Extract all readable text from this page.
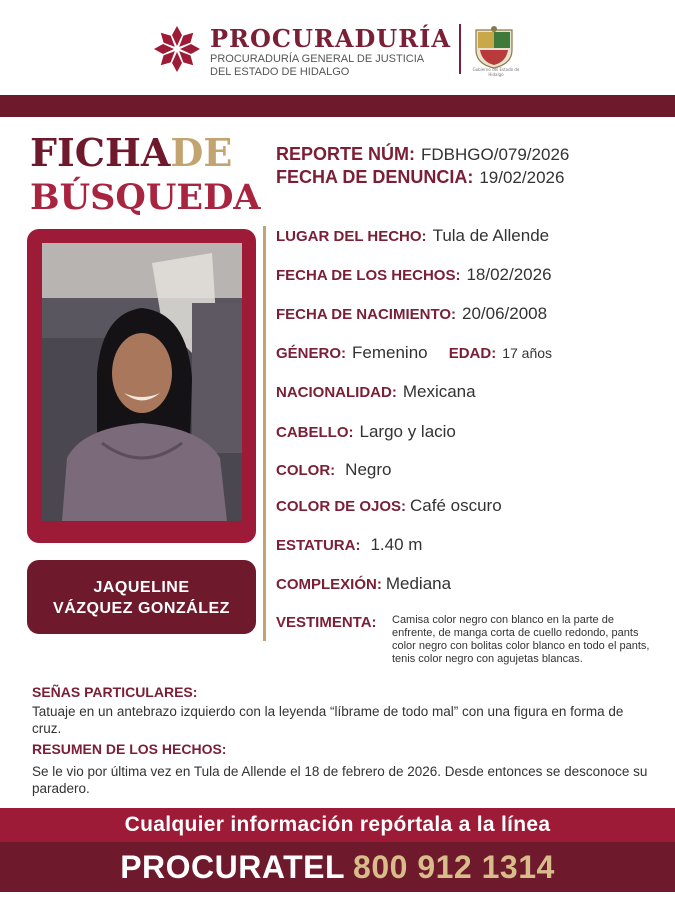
PROCURADURÍA
PROCURADURÍA GENERAL DE JUSTICIA
DEL ESTADO DE HIDALGO	Gobierno del Estado de Hidalgo
FICHADE
BÚSQUEDA
JAQUELINE
VÁZQUEZ GONZÁLEZ
REPORTE NÚM: FDBHGO/079/2026
FECHA DE DENUNCIA: 19/02/2026
LUGAR DEL HECHO: Tula de Allende
FECHA DE LOS HECHOS: 18/02/2026
FECHA DE NACIMIENTO: 20/06/2008
GÉNERO: Femenino EDAD: 17 años
NACIONALIDAD: Mexicana
CABELLO: Largo y lacio
COLOR: Negro
COLOR DE OJOS: Café oscuro
ESTATURA: 1.40 m
COMPLEXIÓN: Mediana
VESTIMENTA: Camisa color negro con blanco en la parte de enfrente, de manga corta de cuello redondo, pants color negro con bolitas color blanco en todo el pants, tenis color negro con agujetas blancas.
SEÑAS PARTICULARES:
Tatuaje en un antebrazo izquierdo con la leyenda “líbrame de todo mal” con una figura en forma de cruz.
RESUMEN DE LOS HECHOS:
Se le vio por última vez en Tula de Allende el 18 de febrero de 2026. Desde entonces se desconoce su paradero.
Cualquier información repórtala a la línea
PROCURATEL 800 912 1314
